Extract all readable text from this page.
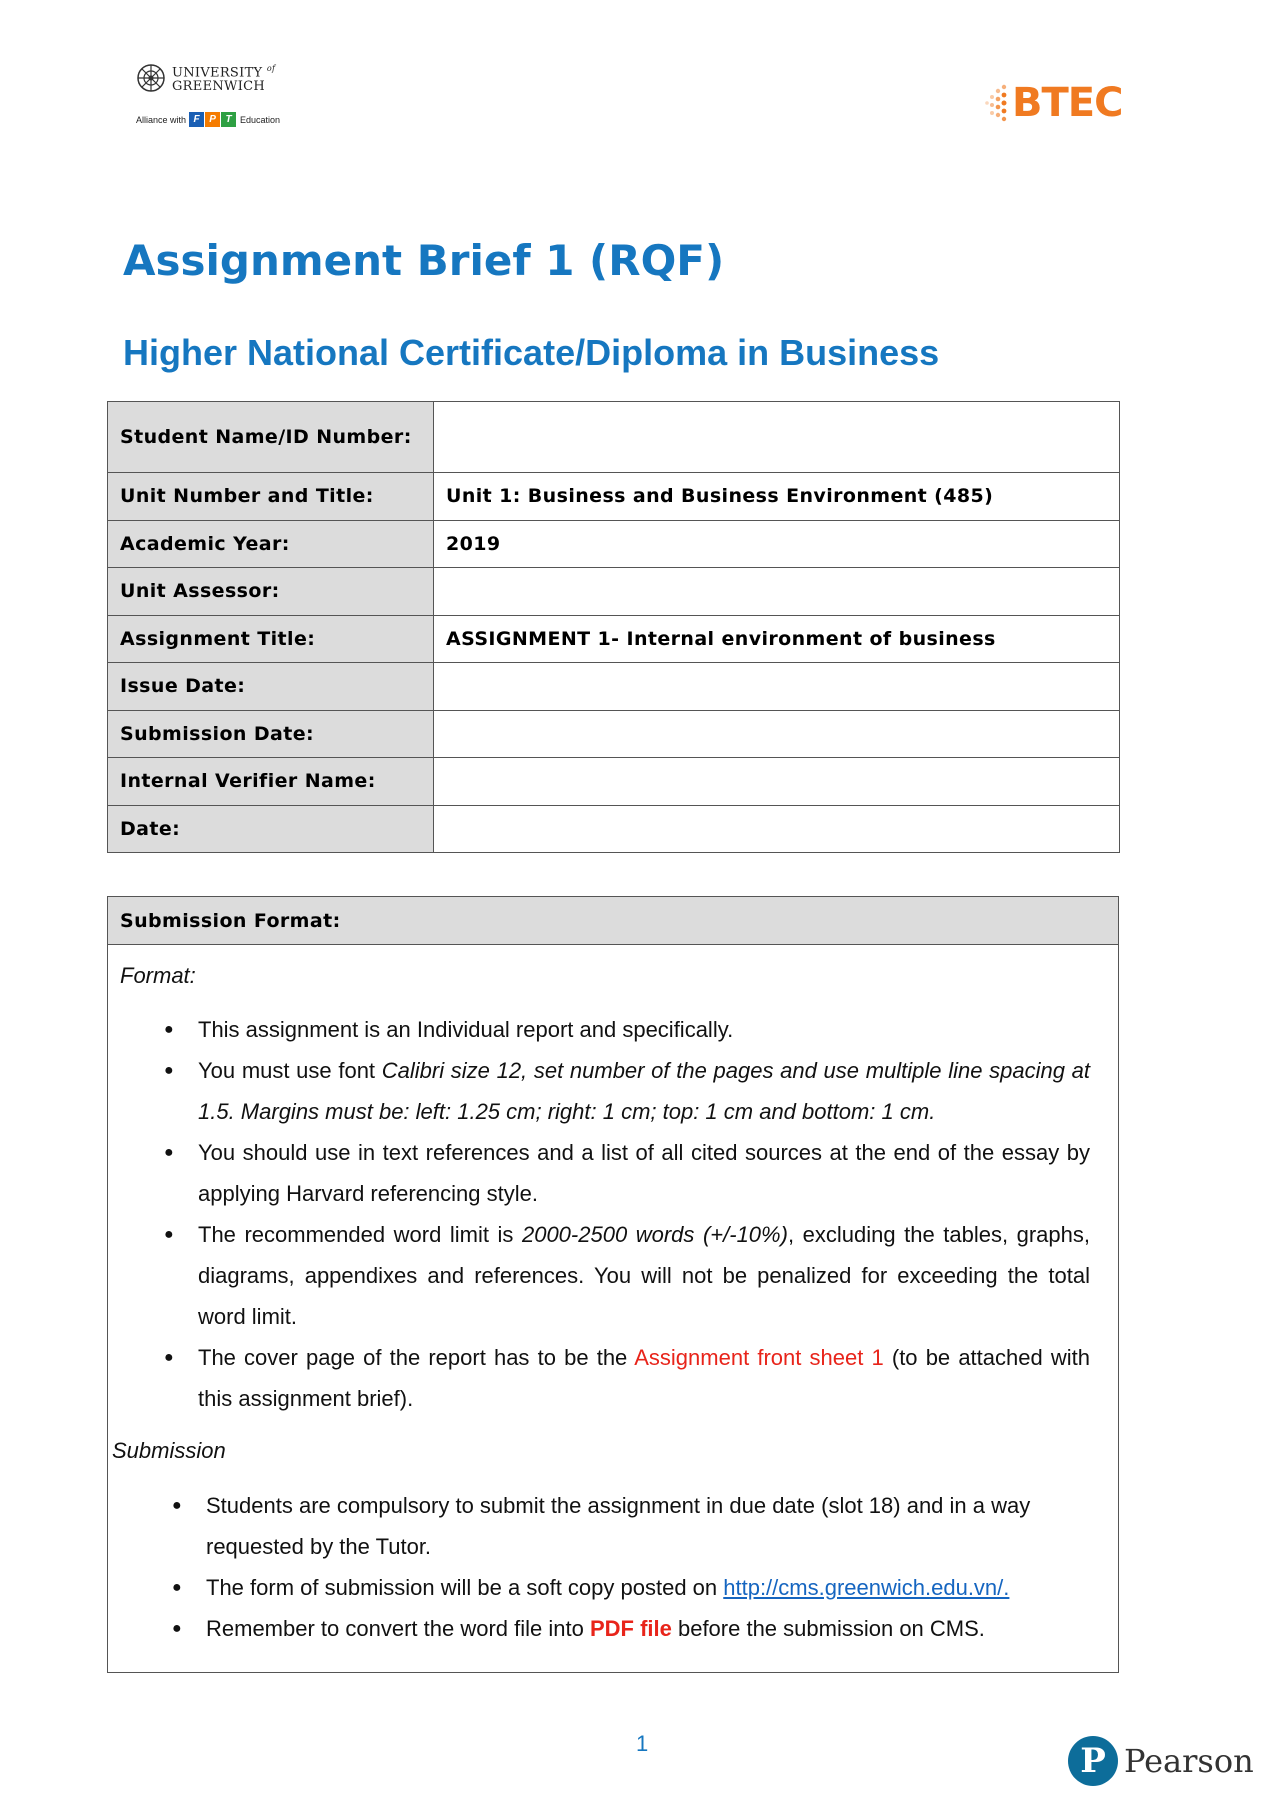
UNIVERSITY $^{of}$
GREENWICH
Alliance with F P T Education	BTEC
Assignment Brief 1 (RQF)
Higher National Certificate/Diploma in Business
Student Name/ID Number:	
Unit Number and Title:	Unit 1: Business and Business Environment (485)
Academic Year:	2019
Unit Assessor:	
Assignment Title:	ASSIGNMENT 1- Internal environment of business
Issue Date:	
Submission Date:	
Internal Verifier Name:	
Date:	
Submission Format:
Format:
● This assignment is an Individual report and specifically.
● You must use font Calibri size 12, set number of the pages and use multiple line spacing at 1.5. Margins must be: left: 1.25 cm; right: 1 cm; top: 1 cm and bottom: 1 cm.
● You should use in text references and a list of all cited sources at the end of the essay by applying Harvard referencing style.
● The recommended word limit is 2000-2500 words (+/-10%), excluding the tables, graphs, diagrams, appendixes and references. You will not be penalized for exceeding the total word limit.
● The cover page of the report has to be the Assignment front sheet 1 (to be attached with this assignment brief).
Submission
● Students are compulsory to submit the assignment in due date (slot 18) and in a way requested by the Tutor.
● The form of submission will be a soft copy posted on http://cms.greenwich.edu.vn/.
● Remember to convert the word file into PDF file before the submission on CMS.
1	P Pearson
